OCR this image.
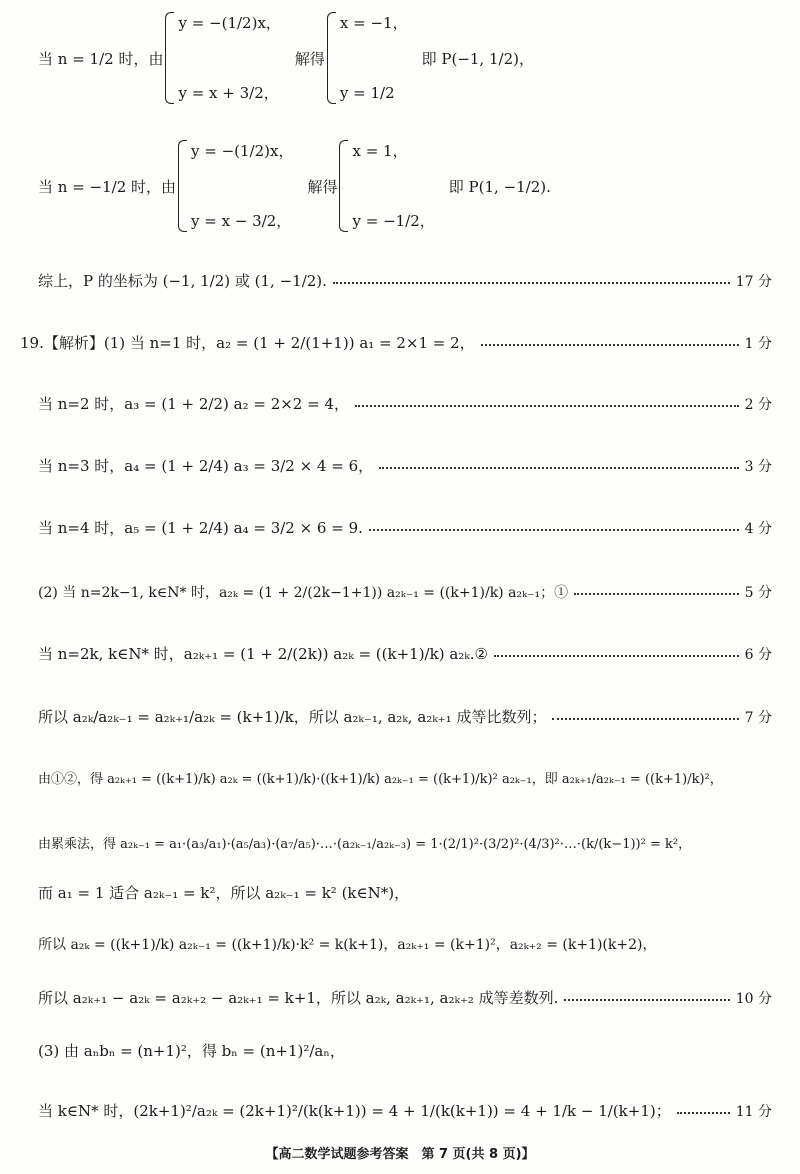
当 n = 1/2 时，由
y = −(1/2)x，
y = x + 3/2，
解得
x = −1，
y = 1/2
即 P(−1, 1/2)，
当 n = −1/2 时，由
y = −(1/2)x，
y = x − 3/2，
解得
x = 1，
y = −1/2，
即 P(1, −1/2).
综上，P 的坐标为 (−1, 1/2) 或 (1, −1/2).	17 分
19.【解析】(1) 当 n=1 时，a₂ = (1 + 2/(1+1)) a₁ = 2×1 = 2，	1 分
当 n=2 时，a₃ = (1 + 2/2) a₂ = 2×2 = 4，	2 分
当 n=3 时，a₄ = (1 + 2/4) a₃ = 3/2 × 4 = 6，	3 分
当 n=4 时，a₅ = (1 + 2/4) a₄ = 3/2 × 6 = 9.	4 分
(2) 当 n=2k−1, k∈N* 时，a₂ₖ = (1 + 2/(2k−1+1)) a₂ₖ₋₁ = ((k+1)/k) a₂ₖ₋₁；①	5 分
当 n=2k, k∈N* 时，a₂ₖ₊₁ = (1 + 2/(2k)) a₂ₖ = ((k+1)/k) a₂ₖ.②	6 分
所以 a₂ₖ/a₂ₖ₋₁ = a₂ₖ₊₁/a₂ₖ = (k+1)/k，所以 a₂ₖ₋₁, a₂ₖ, a₂ₖ₊₁ 成等比数列；	7 分
由①②，得 a₂ₖ₊₁ = ((k+1)/k) a₂ₖ = ((k+1)/k)·((k+1)/k) a₂ₖ₋₁ = ((k+1)/k)² a₂ₖ₋₁，即 a₂ₖ₊₁/a₂ₖ₋₁ = ((k+1)/k)²，
由累乘法，得 a₂ₖ₋₁ = a₁·(a₃/a₁)·(a₅/a₃)·(a₇/a₅)·…·(a₂ₖ₋₁/a₂ₖ₋₃) = 1·(2/1)²·(3/2)²·(4/3)²·…·(k/(k−1))² = k²，
而 a₁ = 1 适合 a₂ₖ₋₁ = k²，所以 a₂ₖ₋₁ = k² (k∈N*)，
所以 a₂ₖ = ((k+1)/k) a₂ₖ₋₁ = ((k+1)/k)·k² = k(k+1)，a₂ₖ₊₁ = (k+1)²，a₂ₖ₊₂ = (k+1)(k+2)，
所以 a₂ₖ₊₁ − a₂ₖ = a₂ₖ₊₂ − a₂ₖ₊₁ = k+1，所以 a₂ₖ, a₂ₖ₊₁, a₂ₖ₊₂ 成等差数列.	10 分
(3) 由 aₙbₙ = (n+1)²，得 bₙ = (n+1)²/aₙ，
当 k∈N* 时，(2k+1)²/a₂ₖ = (2k+1)²/(k(k+1)) = 4 + 1/(k(k+1)) = 4 + 1/k − 1/(k+1)；	11 分
【高二数学试题参考答案　第 7 页(共 8 页)】
